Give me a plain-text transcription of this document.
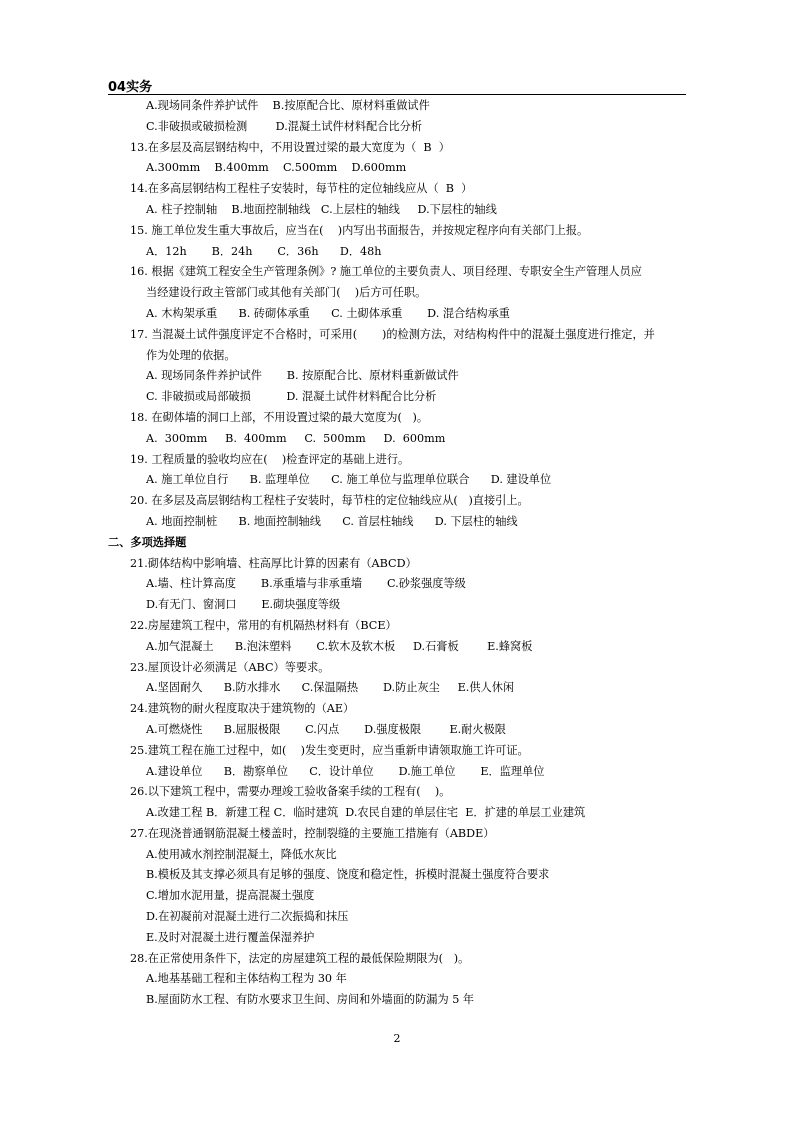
04实务
A.现场同条件养护试件    B.按原配合比、原材料重做试件
C.非破损或破损检测        D.混凝土试件材料配合比分析
13.在多层及高层钢结构中，不用设置过梁的最大宽度为（  B  ）
A.300mm    B.400mm    C.500mm    D.600mm
14.在多高层钢结构工程柱子安装时，每节柱的定位轴线应从（  B  ）
A. 柱子控制轴    B.地面控制轴线   C.上层柱的轴线     D.下层柱的轴线
15. 施工单位发生重大事故后，应当在(    )内写出书面报告，并按规定程序向有关部门上报。
A．12h       B．24h       C．36h      D．48h
16. 根据《建筑工程安全生产管理条例》? 施工单位的主要负责人、项目经理、专职安全生产管理人员应
当经建设行政主管部门或其他有关部门(    )后方可任职。
A. 木构架承重      B. 砖砌体承重      C. 土砌体承重       D. 混合结构承重
17. 当混凝土试件强度评定不合格时，可采用(       )的检测方法，对结构构件中的混凝土强度进行推定，并
作为处理的依据。
A. 现场同条件养护试件       B. 按原配合比、原材料重新做试件
C. 非破损或局部破损          D. 混凝土试件材料配合比分析
18. 在砌体墙的洞口上部，不用设置过梁的最大宽度为(   )。
A.  300mm     B.  400mm     C.  500mm     D.  600mm
19. 工程质量的验收均应在(    )检查评定的基础上进行。
A. 施工单位自行      B. 监理单位      C. 施工单位与监理单位联合      D. 建设单位
20. 在多层及高层钢结构工程柱子安装时，每节柱的定位轴线应从(   )直接引上。
A. 地面控制桩      B. 地面控制轴线      C. 首层柱轴线      D. 下层柱的轴线
二、多项选择题
21.砌体结构中影响墙、柱高厚比计算的因素有（ABCD）
A.墙、柱计算高度       B.承重墙与非承重墙       C.砂浆强度等级
D.有无门、窗洞口       E.砌块强度等级
22.房屋建筑工程中，常用的有机隔热材料有（BCE）
A.加气混凝土      B.泡沫塑料       C.软木及软木板     D.石膏板        E.蜂窝板
23.屋顶设计必须满足（ABC）等要求。
A.坚固耐久      B.防水排水      C.保温隔热       D.防止灰尘     E.供人休闲
24.建筑物的耐火程度取决于建筑物的（AE）
A.可燃烧性      B.屈服极限       C.闪点       D.强度极限        E.耐火极限
25.建筑工程在施工过程中，如(    )发生变更时，应当重新申请领取施工许可证。
A.建设单位      B．勘察单位      C．设计单位       D.施工单位       E．监理单位
26.以下建筑工程中，需要办理竣工验收备案手续的工程有(    )。
A.改建工程 B．新建工程 C．临时建筑  D.农民自建的单层住宅  E．扩建的单层工业建筑
27.在现浇普通钢筋混凝土楼盖时，控制裂缝的主要施工措施有（ABDE）
A.使用减水剂控制混凝土，降低水灰比
B.模板及其支撑必须具有足够的强度、饶度和稳定性，拆模时混凝土强度符合要求
C.增加水泥用量，提高混凝土强度
D.在初凝前对混凝土进行二次振捣和抹压
E.及时对混凝土进行覆盖保湿养护
28.在正常使用条件下，法定的房屋建筑工程的最低保险期限为(   )。
A.地基基础工程和主体结构工程为 30 年
B.屋面防水工程、有防水要求卫生间、房间和外墙面的防漏为 5 年
2
